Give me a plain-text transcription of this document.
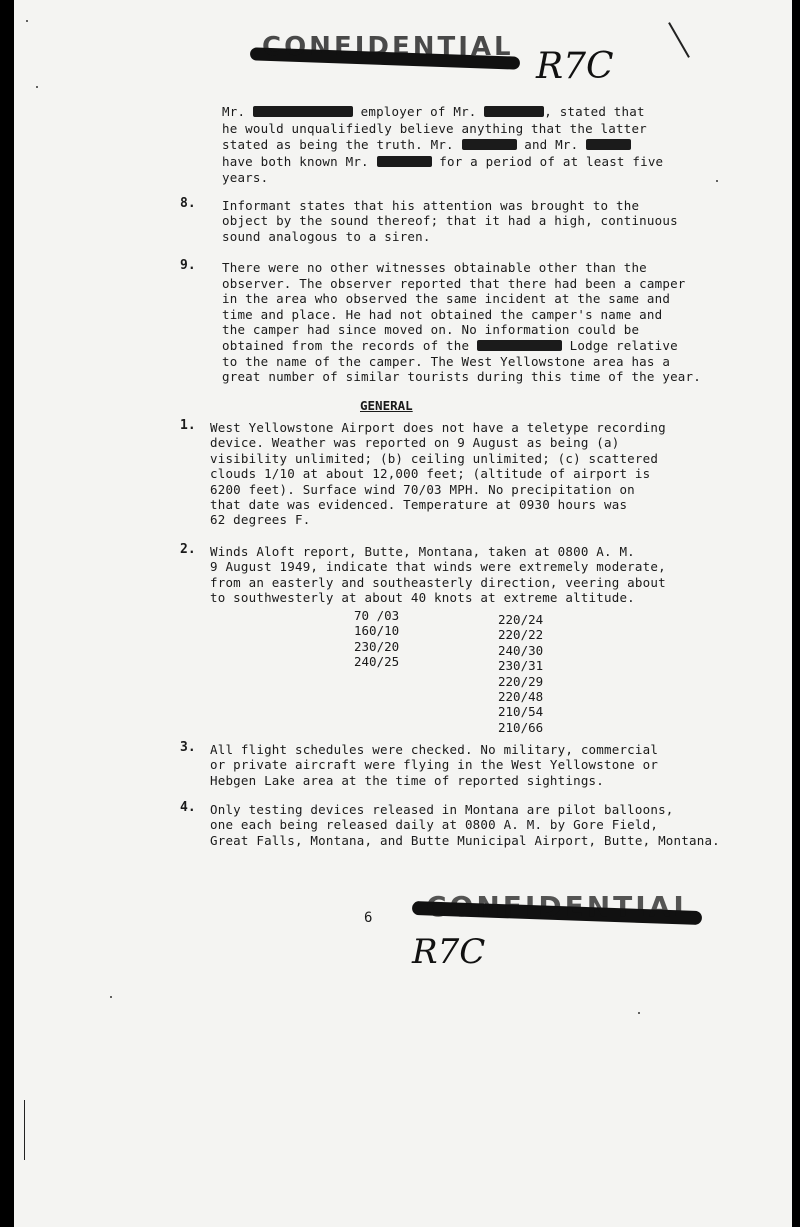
CONFIDENTIAL R7C
Mr.	employer of Mr.	, stated that
he would unqualifiedly believe anything that the latter
stated as being the truth. Mr.	and Mr.
have both known Mr.	for a period of at least five
years.
8. Informant states that his attention was brought to the
object by the sound thereof; that it had a high, continuous
sound analogous to a siren.
9. There were no other witnesses obtainable other than the
observer. The observer reported that there had been a camper
in the area who observed the same incident at the same and
time and place. He had not obtained the camper's name and
the camper had since moved on. No information could be
obtained from the records of the	Lodge relative
to the name of the camper. The West Yellowstone area has a
great number of similar tourists during this time of the year.
GENERAL
1. West Yellowstone Airport does not have a teletype recording
device. Weather was reported on 9 August as being (a)
visibility unlimited; (b) ceiling unlimited; (c) scattered
clouds 1/10 at about 12,000 feet; (altitude of airport is
6200 feet). Surface wind 70/03 MPH. No precipitation on
that date was evidenced. Temperature at 0930 hours was
62 degrees F.
2. Winds Aloft report, Butte, Montana, taken at 0800 A. M.
9 August 1949, indicate that winds were extremely moderate,
from an easterly and southeasterly direction, veering about
to southwesterly at about 40 knots at extreme altitude.
3. All flight schedules were checked. No military, commercial
or private aircraft were flying in the West Yellowstone or
Hebgen Lake area at the time of reported sightings.
4. Only testing devices released in Montana are pilot balloons,
one each being released daily at 0800 A. M. by Gore Field,
Great Falls, Montana, and Butte Municipal Airport, Butte, Montana.
70 /03
160/10
230/20
240/25
220/24
220/22
240/30
230/31
220/29
220/48
210/54
210/66
6 CONFIDENTIAL
R7C
